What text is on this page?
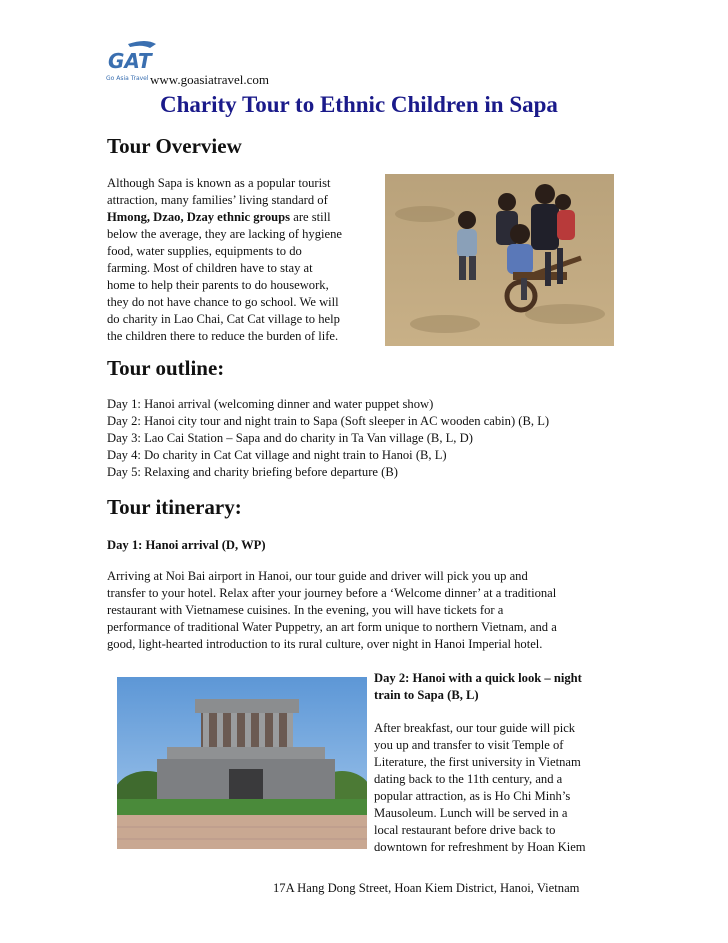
GAT
Go Asia Travel www.goasiatravel.com
Charity Tour to Ethnic Children in Sapa
Tour Overview
Although Sapa is known as a popular tourist
attraction, many families’ living standard of
Hmong, Dzao, Dzay ethnic groups are still
below the average, they are lacking of hygiene
food, water supplies, equipments to do
farming. Most of children have to stay at
home to help their parents to do housework,
they do not have chance to go school. We will
do charity in Lao Chai, Cat Cat village to help
the children there to reduce the burden of life.
Tour outline:
Day 1: Hanoi arrival (welcoming dinner and water puppet show)
Day 2: Hanoi city tour and night train to Sapa (Soft sleeper in AC wooden cabin) (B, L)
Day 3: Lao Cai Station – Sapa and do charity in Ta Van village (B, L, D)
Day 4: Do charity in Cat Cat village and night train to Hanoi (B, L)
Day 5: Relaxing and charity briefing before departure (B)
Tour itinerary:
Day 1: Hanoi arrival (D, WP)
Arriving at Noi Bai airport in Hanoi, our tour guide and driver will pick you up and
transfer to your hotel. Relax after your journey before a ‘Welcome dinner’ at a traditional
restaurant with Vietnamese cuisines. In the evening, you will have tickets for a
performance of traditional Water Puppetry, an art form unique to northern Vietnam, and a
good, light-hearted introduction to its rural culture, over night in Hanoi Imperial hotel.
Day 2: Hanoi with a quick look – night
train to Sapa (B, L)
After breakfast, our tour guide will pick
you up and transfer to visit Temple of
Literature, the first university in Vietnam
dating back to the 11th century, and a
popular attraction, as is Ho Chi Minh’s
Mausoleum. Lunch will be served in a
local restaurant before drive back to
downtown for refreshment by Hoan Kiem
17A Hang Dong Street, Hoan Kiem District, Hanoi, Vietnam
